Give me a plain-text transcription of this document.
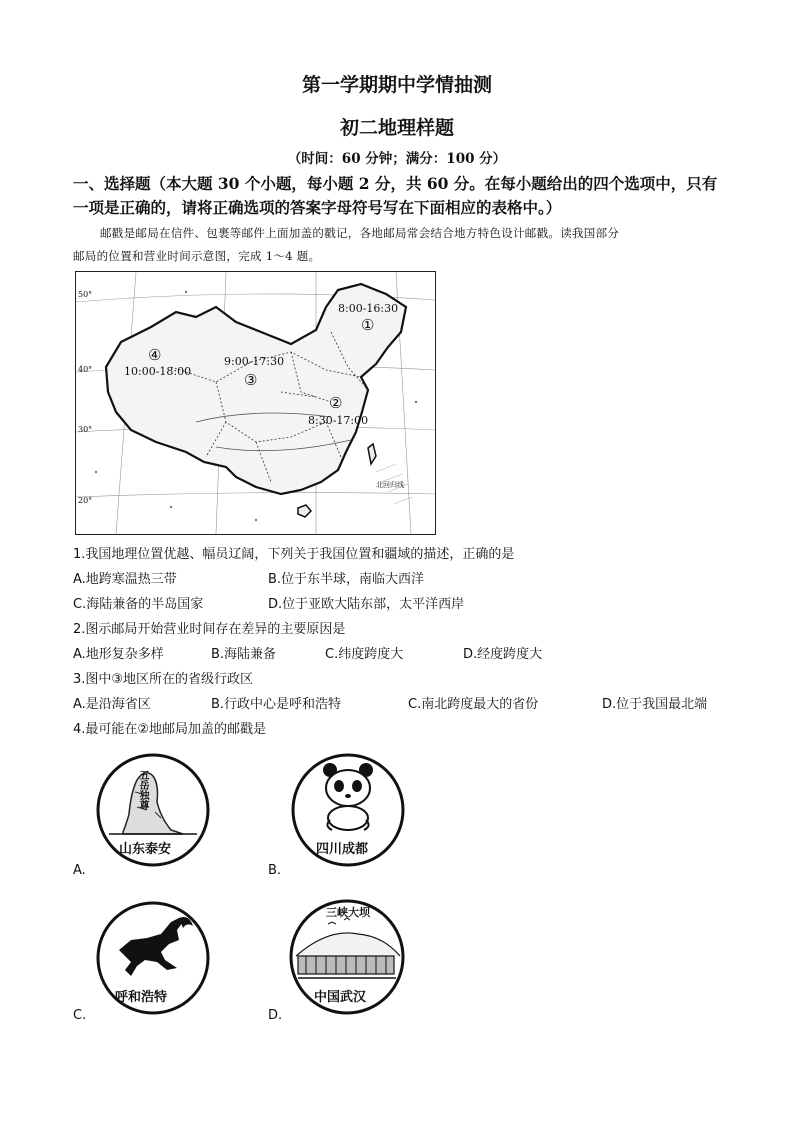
第一学期期中学情抽测
初二地理样题
（时间：60 分钟；满分：100 分）
一、选择题（本大题 30 个小题，每小题 2 分，共 60 分。在每小题给出的四个选项中，只有
一项是正确的，请将正确选项的答案字母符号写在下面相应的表格中。）
邮戳是邮局在信件、包裹等邮件上面加盖的戳记，各地邮局常会结合地方特色设计邮戳。读我国部分
邮局的位置和营业时间示意图，完成 1～4 题。
50°
40°
30°
20°
北回归线
8:00-16:30
①
②
8:30-17:00
9:00-17:30
③
④
10:00-18:00
1.我国地理位置优越、幅员辽阔，下列关于我国位置和疆域的描述，正确的是
A.地跨寒温热三带	B.位于东半球，南临大西洋
C.海陆兼备的半岛国家	D.位于亚欧大陆东部，太平洋西岸
2.图示邮局开始营业时间存在差异的主要原因是
A.地形复杂多样	B.海陆兼备	C.纬度跨度大	D.经度跨度大
3.图中③地区所在的省级行政区
A.是沿海省区	B.行政中心是呼和浩特	C.南北跨度最大的省份	D.位于我国最北端
4.最可能在②地邮局加盖的邮戳是
五岳独尊
山东泰安
A.
四川成都
B.
呼和浩特
C.
三峡大坝
中国武汉
D.
